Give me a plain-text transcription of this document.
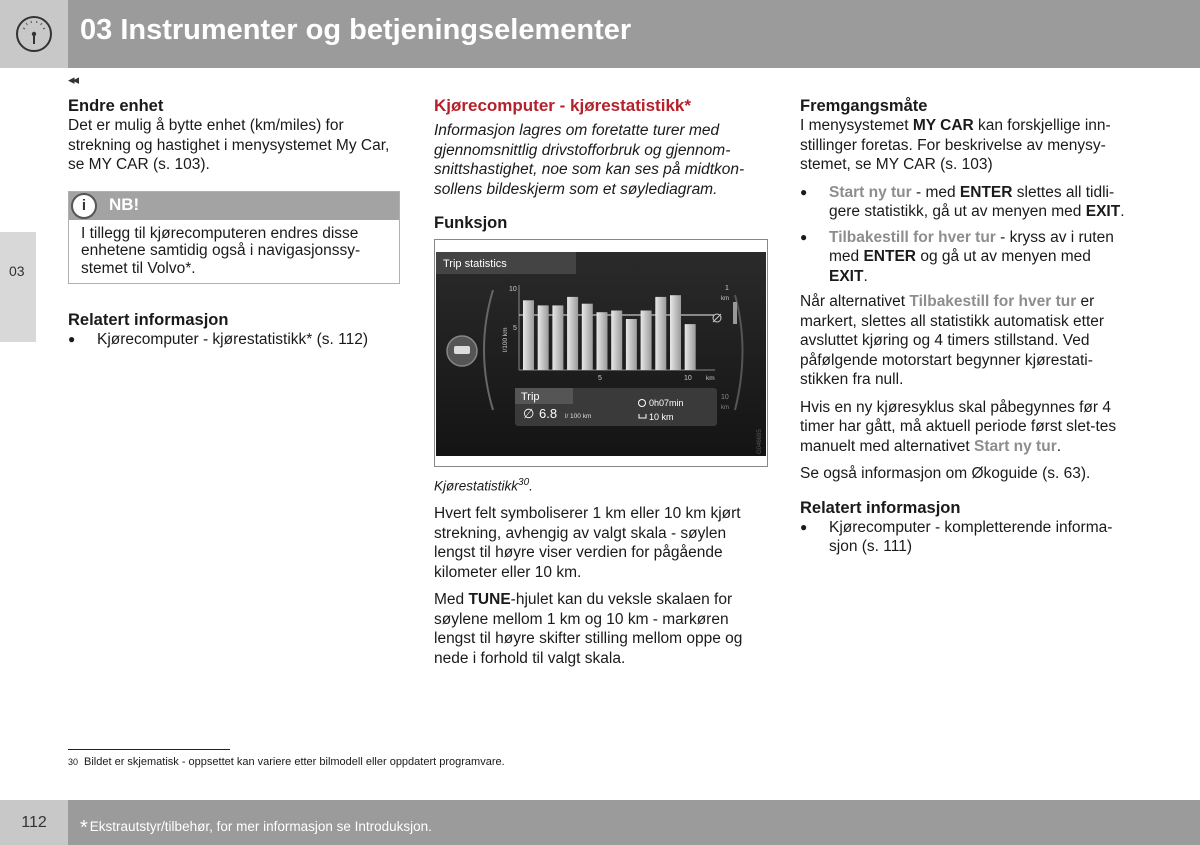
03 Instrumenter og betjeningselementer
◂◂
03
Endre enhet

Det er mulig å bytte enhet (km/miles) for strekning og hastighet i menysystemet My Car, se MY CAR (s. 103).

i	NB!
I tillegg til kjørecomputeren endres disse enhetene samtidig også i navigasjonssy-stemet til Volvo*.
Relatert informasjon
● Kjørecomputer - kjørestatistikk* (s. 112)
Kjørecomputer - kjørestatistikk*

Informasjon lagres om foretatte turer med gjennomsnittlig drivstofforbruk og gjennom-snittshastighet, noe som kan ses på midtkon-sollens bildeskjerm som et søylediagram.

Funksjon
Trip statistics
10
5
l/100 km
5	10 km
1
km
10
km
Trip
∅ 6.8 l/ 100 km
0h07min
10 km
G046695
Kjørestatistikk$^{30}$.

Hvert felt symboliserer 1 km eller 10 km kjørt strekning, avhengig av valgt skala - søylen lengst til høyre viser verdien for pågående kilometer eller 10 km.

Med TUNE-hjulet kan du veksle skalaen for søylene mellom 1 km og 10 km - markøren lengst til høyre skifter stilling mellom oppe og nede i forhold til valgt skala.

Fremgangsmåte

I menysystemet MY CAR kan forskjellige inn-stillinger foretas. For beskrivelse av menysy-stemet, se MY CAR (s. 103)

● Start ny tur - med ENTER slettes all tidli-gere statistikk, gå ut av menyen med EXIT.
● Tilbakestill for hver tur - kryss av i ruten med ENTER og gå ut av menyen med EXIT.

Når alternativet Tilbakestill for hver tur er markert, slettes all statistikk automatisk etter avsluttet kjøring og 4 timers stillstand. Ved påfølgende motorstart begynner kjørestati-stikken fra null.

Hvis en ny kjøresyklus skal påbegynnes før 4 timer har gått, må aktuell periode først slet-tes manuelt med alternativet Start ny tur.

Se også informasjon om Økoguide (s. 63).

Relatert informasjon
● Kjørecomputer - kompletterende informa-sjon (s. 111)
30 Bildet er skjematisk - oppsettet kan variere etter bilmodell eller oppdatert programvare.
112	* Ekstrautstyr/tilbehør, for mer informasjon se Introduksjon.
